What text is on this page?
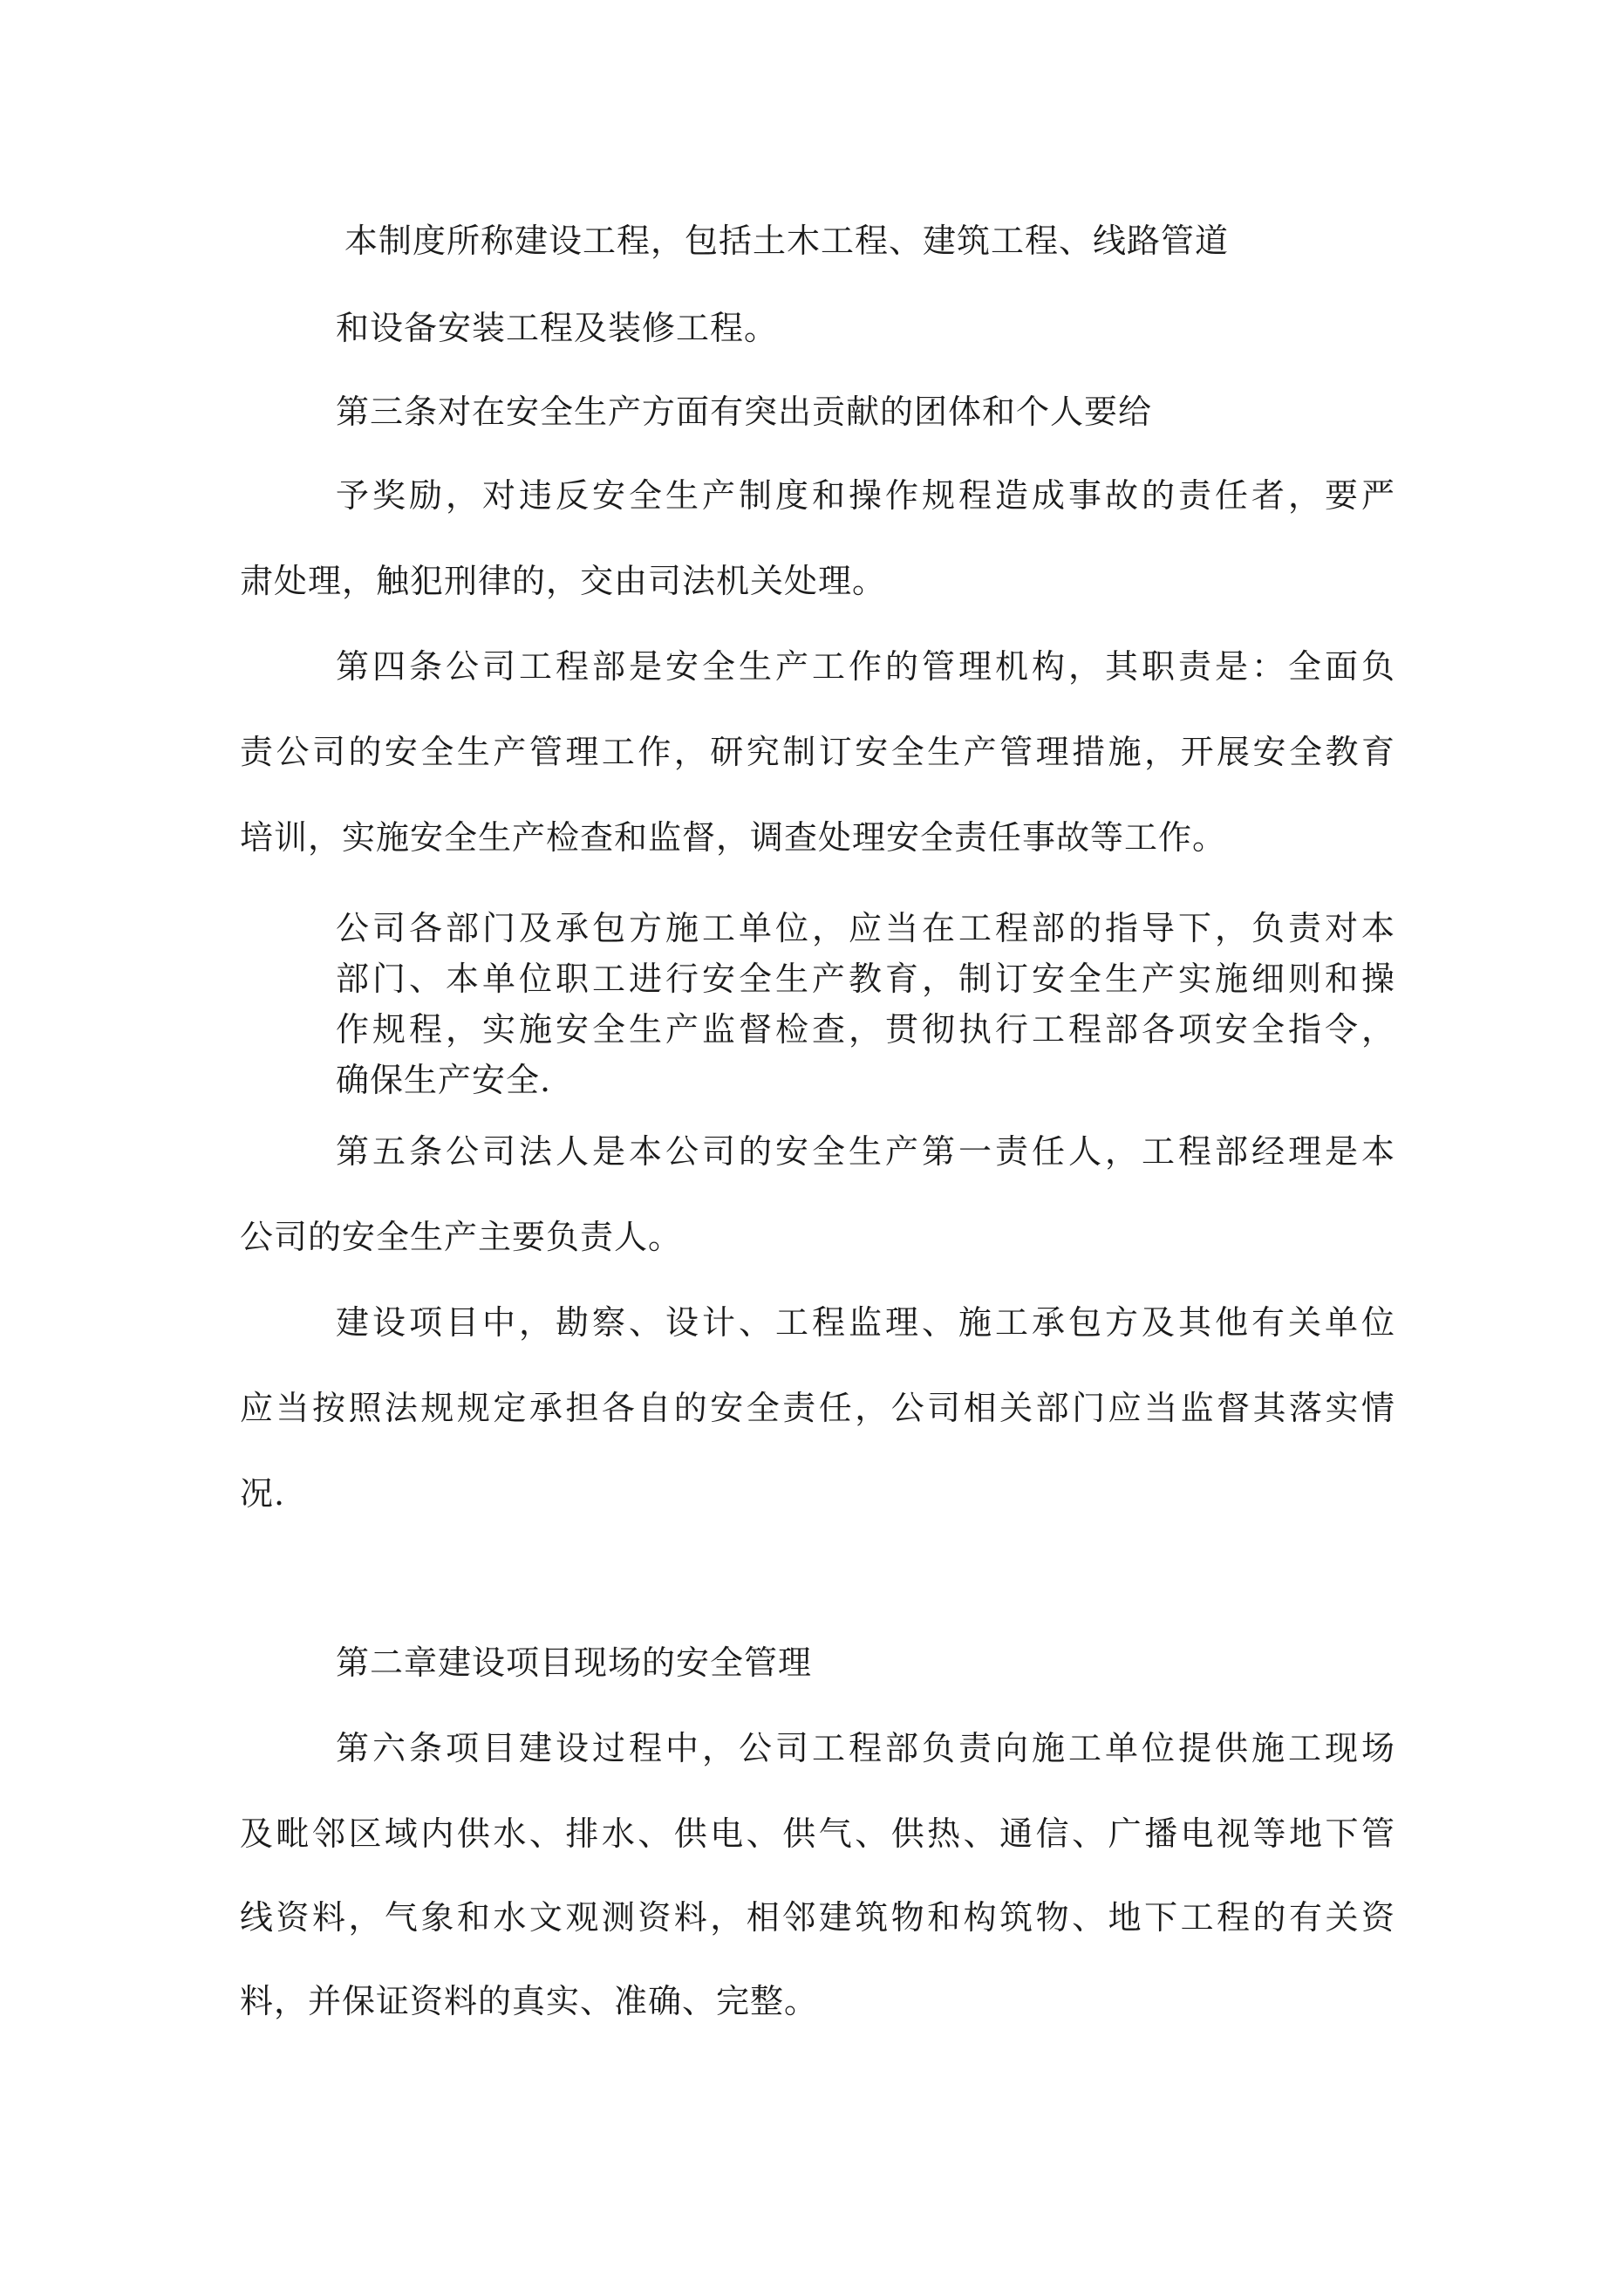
本制度所称建设工程，包括土木工程、建筑工程、线路管道

和设备安装工程及装修工程。

第三条对在安全生产方面有突出贡献的团体和个人要给

予奖励，对违反安全生产制度和操作规程造成事故的责任者，要严

肃处理，触犯刑律的，交由司法机关处理。

第四条公司工程部是安全生产工作的管理机构，其职责是：全面负

责公司的安全生产管理工作，研究制订安全生产管理措施，开展安全教育

培训，实施安全生产检查和监督，调查处理安全责任事故等工作。

公司各部门及承包方施工单位，应当在工程部的指导下，负责对本

部门、本单位职工进行安全生产教育，制订安全生产实施细则和操

作规程，实施安全生产监督检查，贯彻执行工程部各项安全指令，

确保生产安全.

第五条公司法人是本公司的安全生产第一责任人，工程部经理是本

公司的安全生产主要负责人。

建设项目中，勘察、设计、工程监理、施工承包方及其他有关单位

应当按照法规规定承担各自的安全责任，公司相关部门应当监督其落实情

况.

第二章建设项目现场的安全管理

第六条项目建设过程中，公司工程部负责向施工单位提供施工现场

及毗邻区域内供水、排水、供电、供气、供热、通信、广播电视等地下管

线资料，气象和水文观测资料，相邻建筑物和构筑物、地下工程的有关资

料，并保证资料的真实、准确、完整。
